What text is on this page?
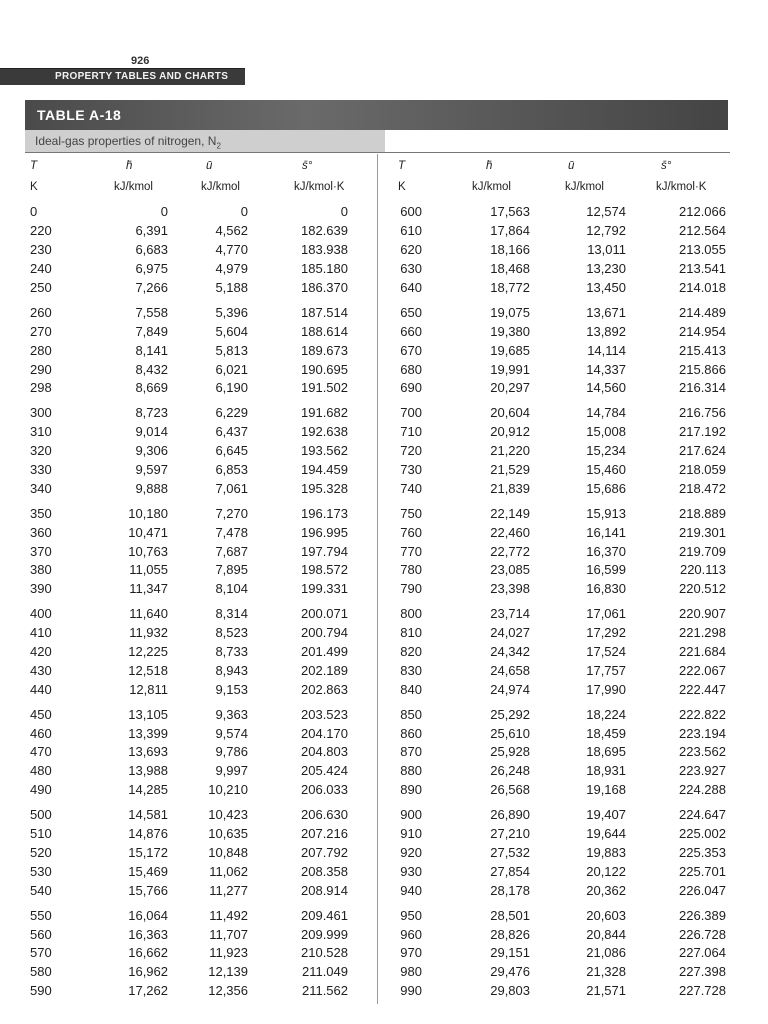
926
PROPERTY TABLES AND CHARTS
TABLE A-18
Ideal-gas properties of nitrogen, $N_2$
T	h̄	ū	s̄°
K	kJ/kmol	kJ/kmol	kJ/kmol·K
T	h̄	ū	s̄°
K	kJ/kmol	kJ/kmol	kJ/kmol·K
0	0	0	0
220	6,391	4,562	182.639
230	6,683	4,770	183.938
240	6,975	4,979	185.180
250	7,266	5,188	186.370
260	7,558	5,396	187.514
270	7,849	5,604	188.614
280	8,141	5,813	189.673
290	8,432	6,021	190.695
298	8,669	6,190	191.502
300	8,723	6,229	191.682
310	9,014	6,437	192.638
320	9,306	6,645	193.562
330	9,597	6,853	194.459
340	9,888	7,061	195.328
350	10,180	7,270	196.173
360	10,471	7,478	196.995
370	10,763	7,687	197.794
380	11,055	7,895	198.572
390	11,347	8,104	199.331
400	11,640	8,314	200.071
410	11,932	8,523	200.794
420	12,225	8,733	201.499
430	12,518	8,943	202.189
440	12,811	9,153	202.863
450	13,105	9,363	203.523
460	13,399	9,574	204.170
470	13,693	9,786	204.803
480	13,988	9,997	205.424
490	14,285	10,210	206.033
500	14,581	10,423	206.630
510	14,876	10,635	207.216
520	15,172	10,848	207.792
530	15,469	11,062	208.358
540	15,766	11,277	208.914
550	16,064	11,492	209.461
560	16,363	11,707	209.999
570	16,662	11,923	210.528
580	16,962	12,139	211.049
590	17,262	12,356	211.562
600	17,563	12,574	212.066
610	17,864	12,792	212.564
620	18,166	13,011	213.055
630	18,468	13,230	213.541
640	18,772	13,450	214.018
650	19,075	13,671	214.489
660	19,380	13,892	214.954
670	19,685	14,114	215.413
680	19,991	14,337	215.866
690	20,297	14,560	216.314
700	20,604	14,784	216.756
710	20,912	15,008	217.192
720	21,220	15,234	217.624
730	21,529	15,460	218.059
740	21,839	15,686	218.472
750	22,149	15,913	218.889
760	22,460	16,141	219.301
770	22,772	16,370	219.709
780	23,085	16,599	220.113
790	23,398	16,830	220.512
800	23,714	17,061	220.907
810	24,027	17,292	221.298
820	24,342	17,524	221.684
830	24,658	17,757	222.067
840	24,974	17,990	222.447
850	25,292	18,224	222.822
860	25,610	18,459	223.194
870	25,928	18,695	223.562
880	26,248	18,931	223.927
890	26,568	19,168	224.288
900	26,890	19,407	224.647
910	27,210	19,644	225.002
920	27,532	19,883	225.353
930	27,854	20,122	225.701
940	28,178	20,362	226.047
950	28,501	20,603	226.389
960	28,826	20,844	226.728
970	29,151	21,086	227.064
980	29,476	21,328	227.398
990	29,803	21,571	227.728
